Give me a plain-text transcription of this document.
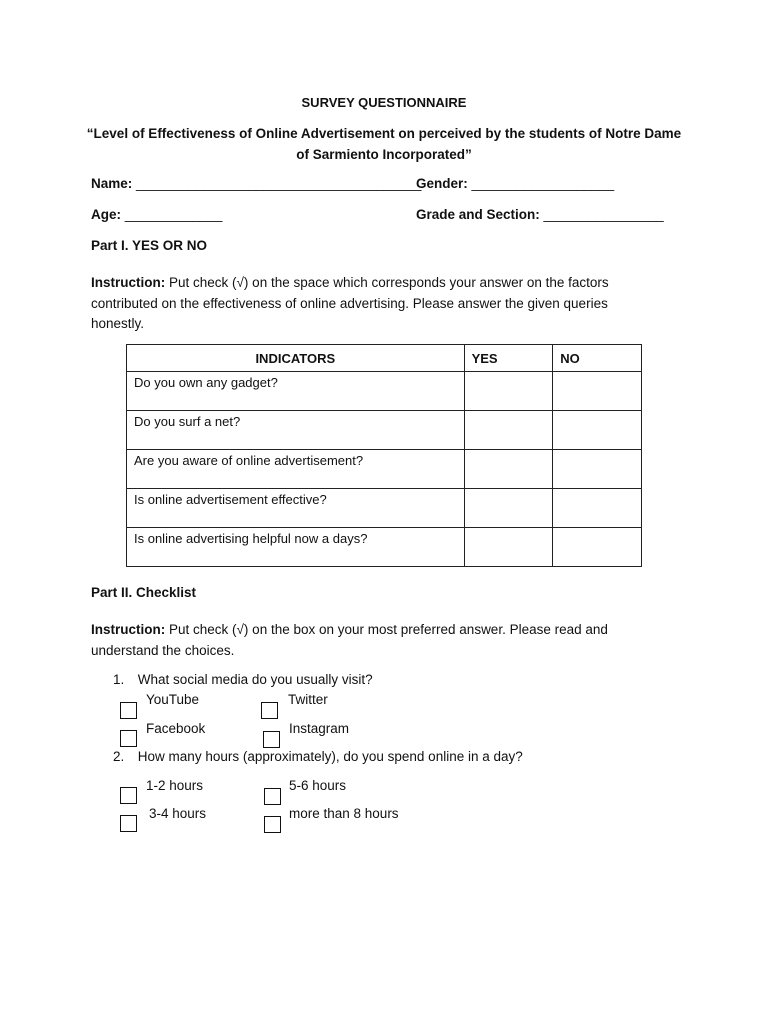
SURVEY QUESTIONNAIRE
“Level of Effectiveness of Online Advertisement on perceived by the students of Notre Dame
of Sarmiento Incorporated”
Name: ______________________________________
Gender: ___________________
Age: _____________	Grade and Section: ________________
Part I. YES OR NO
Instruction: Put check (√) on the space which corresponds your answer on the factors contributed on the effectiveness of online advertising. Please answer the given queries honestly.
INDICATORS	YES	NO
Do you own any gadget?		
Do you surf a net?		
Are you aware of online advertisement?		
Is online advertisement effective?		
Is online advertising helpful now a days?		
Part II. Checklist
Instruction: Put check (√) on the box on your most preferred answer. Please read and understand the choices.
1. What social media do you usually visit?
YouTube	Twitter
Facebook	Instagram
2. How many hours (approximately), do you spend online in a day?
1-2 hours	5-6 hours
3-4 hours	more than 8 hours
